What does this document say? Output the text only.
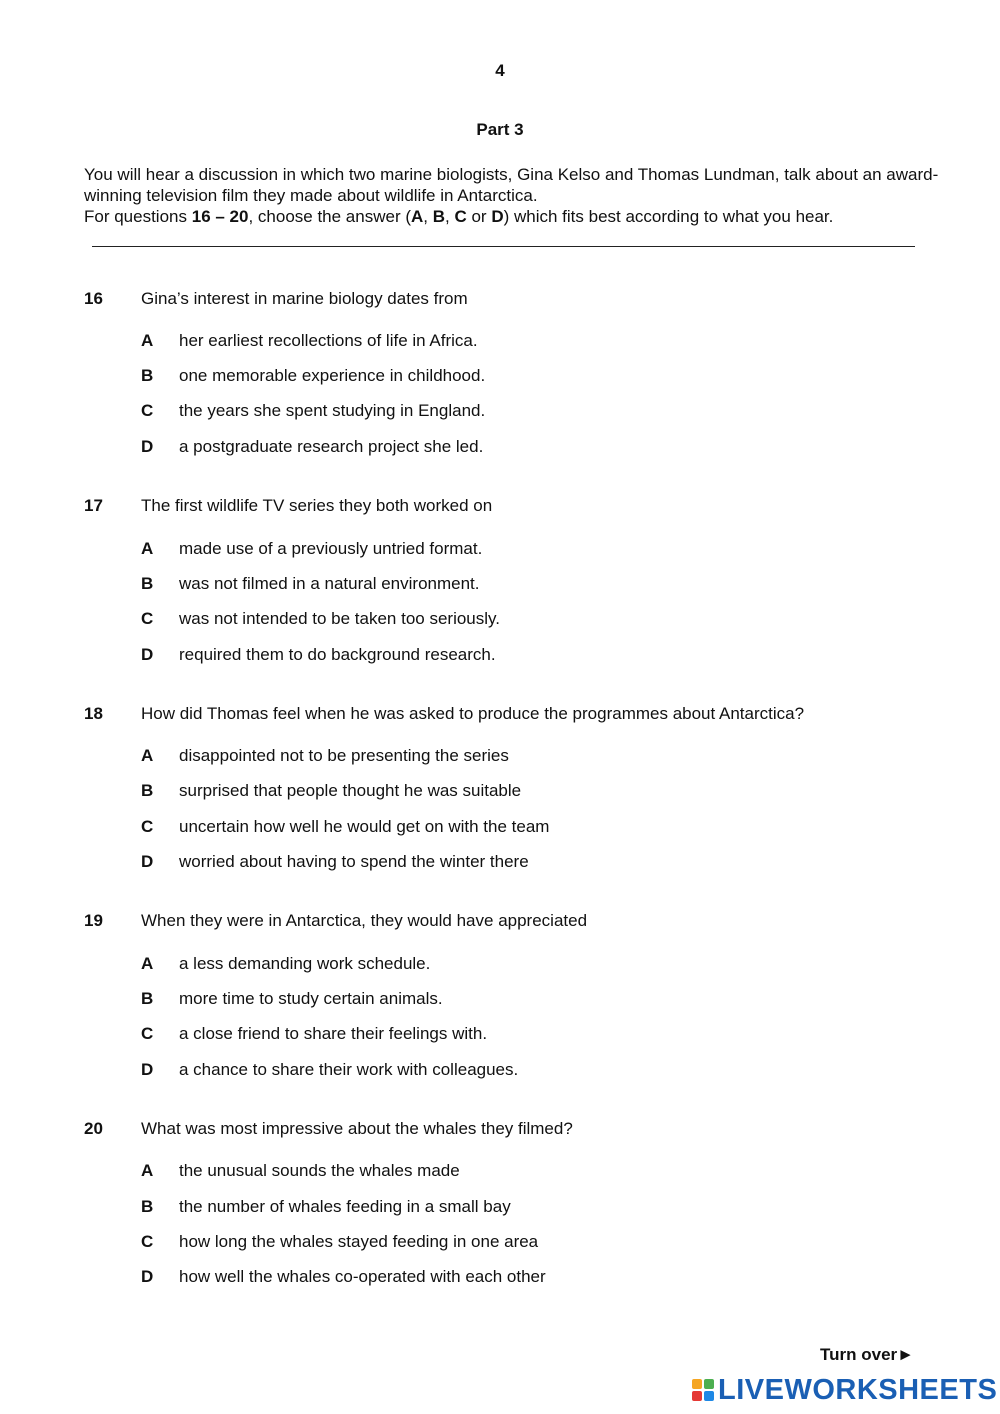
4
Part 3

You will hear a discussion in which two marine biologists, Gina Kelso and Thomas Lundman, talk about an award-winning television film they made about wildlife in Antarctica.

For questions 16 – 20, choose the answer (A, B, C or D) which fits best according to what you hear.

16 Gina’s interest in marine biology dates from
A her earliest recollections of life in Africa.
B one memorable experience in childhood.
C the years she spent studying in England.
D a postgraduate research project she led.
17 The first wildlife TV series they both worked on
A made use of a previously untried format.
B was not filmed in a natural environment.
C was not intended to be taken too seriously.
D required them to do background research.
18 How did Thomas feel when he was asked to produce the programmes about Antarctica?
A disappointed not to be presenting the series
B surprised that people thought he was suitable
C uncertain how well he would get on with the team
D worried about having to spend the winter there
19 When they were in Antarctica, they would have appreciated
A a less demanding work schedule.
B more time to study certain animals.
C a close friend to share their feelings with.
D a chance to share their work with colleagues.
20 What was most impressive about the whales they filmed?
A the unusual sounds the whales made
B the number of whales feeding in a small bay
C how long the whales stayed feeding in one area
D how well the whales co-operated with each other
Turn over►
LIVEWORKSHEETS
